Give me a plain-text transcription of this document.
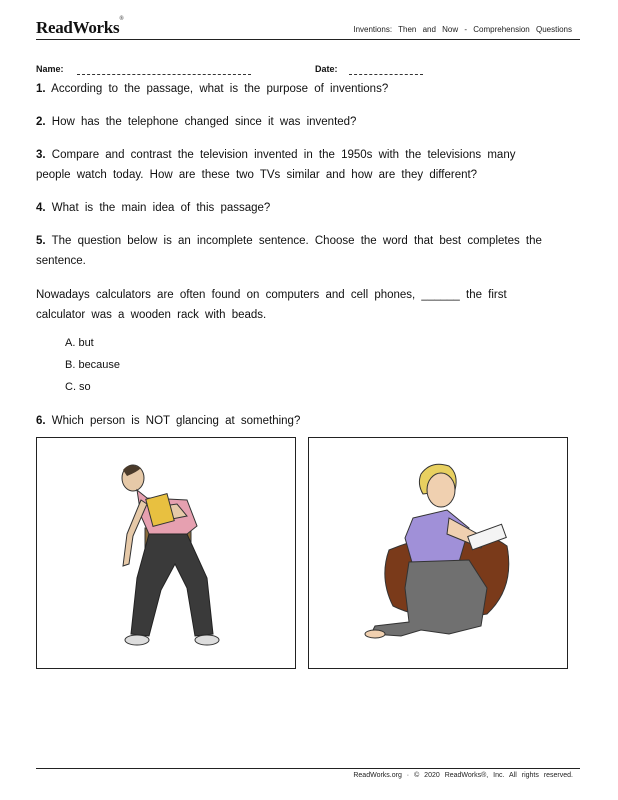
ReadWorks®
Inventions: Then and Now - Comprehension Questions
Name:	Date:
1. According to the passage, what is the purpose of inventions?
2. How has the telephone changed since it was invented?
3. Compare and contrast the television invented in the 1950s with the televisions many people watch today. How are these two TVs similar and how are they different?
4. What is the main idea of this passage?
5. The question below is an incomplete sentence. Choose the word that best completes the sentence.
Nowadays calculators are often found on computers and cell phones, ______ the first calculator was a wooden rack with beads.
A. but
B. because
C. so
6. Which person is NOT glancing at something?
ReadWorks.org · © 2020 ReadWorks®, Inc. All rights reserved.
